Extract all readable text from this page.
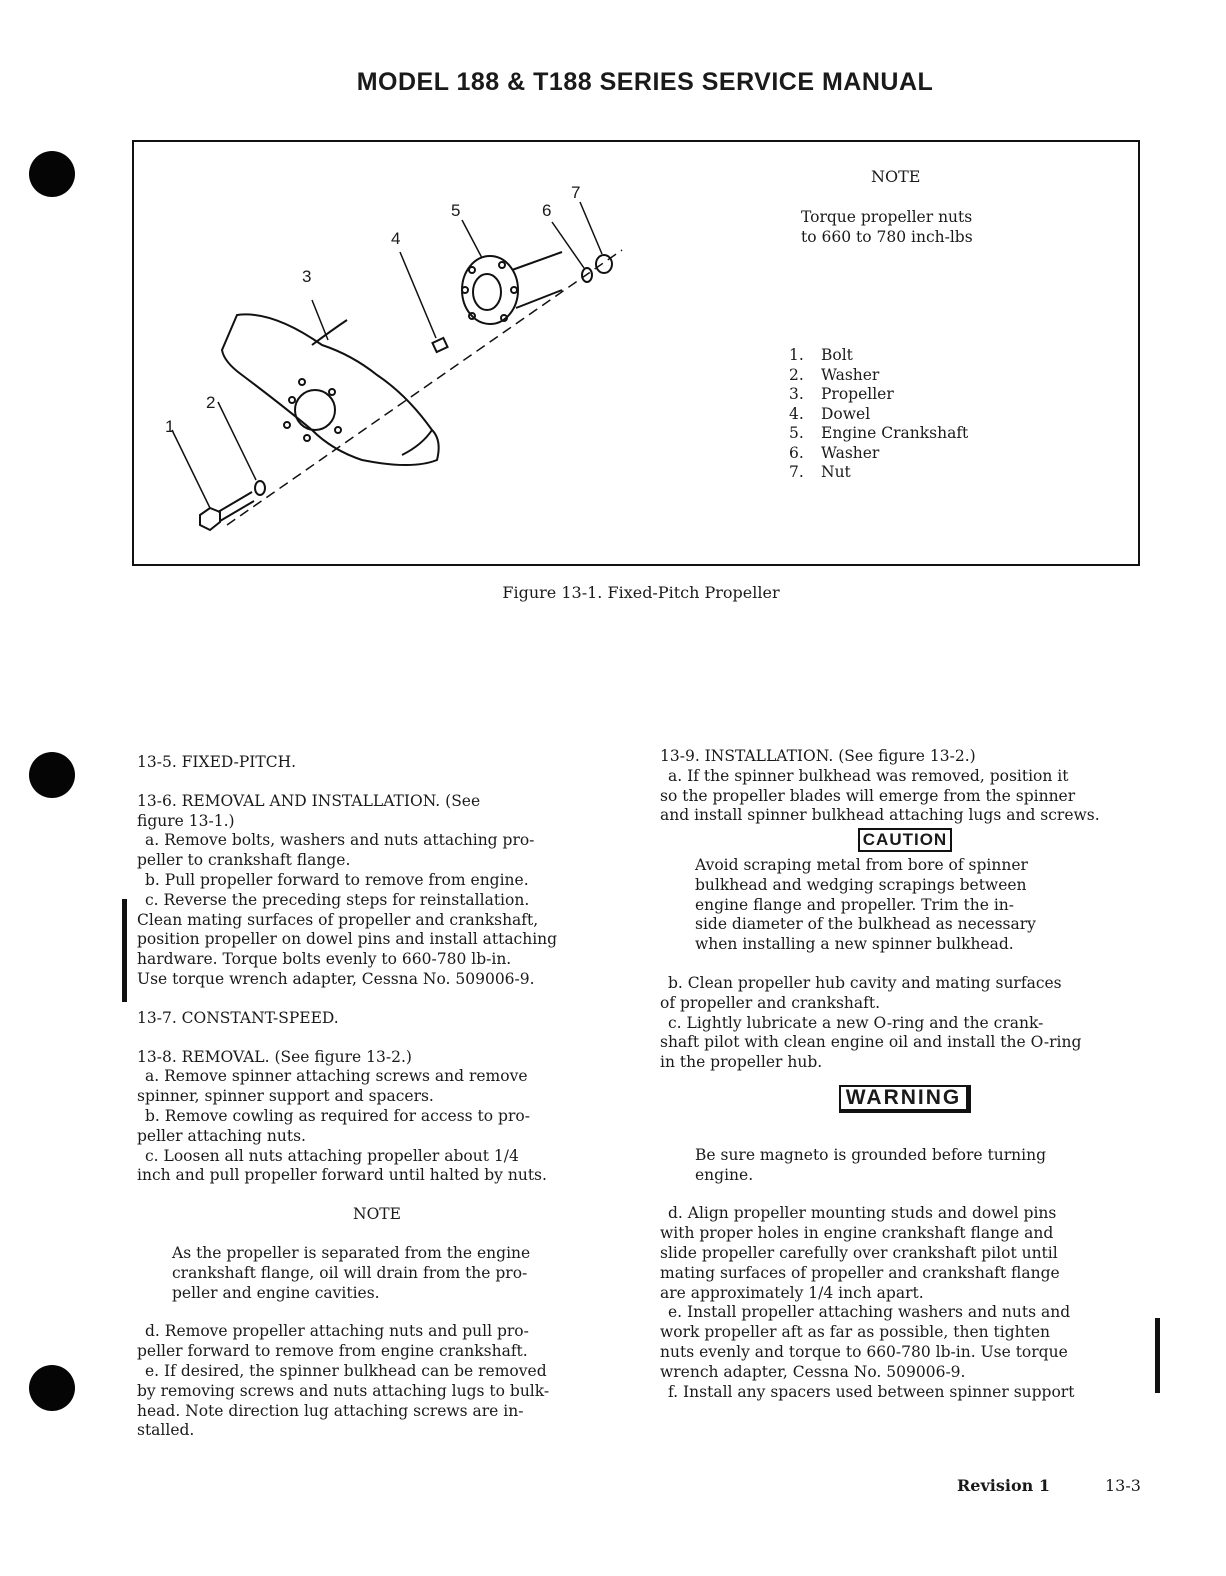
MODEL 188 & T188 SERIES SERVICE MANUAL
1
2
3
4
5	6
7
NOTE
Torque propeller nuts
to 660 to 780 inch-lbs
1. Bolt
2. Washer
3. Propeller
4. Dowel
5. Engine Crankshaft
6. Washer
7. Nut
Figure 13-1. Fixed-Pitch Propeller

13-5. FIXED-PITCH.

13-6. REMOVAL AND INSTALLATION. (See

figure 13-1.)

a. Remove bolts, washers and nuts attaching pro-

peller to crankshaft flange.

b. Pull propeller forward to remove from engine.

c. Reverse the preceding steps for reinstallation.

Clean mating surfaces of propeller and crankshaft,

position propeller on dowel pins and install attaching

hardware. Torque bolts evenly to 660-780 lb-in.

Use torque wrench adapter, Cessna No. 509006-9.

13-7. CONSTANT-SPEED.

13-8. REMOVAL. (See figure 13-2.)

a. Remove spinner attaching screws and remove

spinner, spinner support and spacers.

b. Remove cowling as required for access to pro-

peller attaching nuts.

c. Loosen all nuts attaching propeller about 1/4

inch and pull propeller forward until halted by nuts.

NOTE

As the propeller is separated from the engine

crankshaft flange, oil will drain from the pro-

peller and engine cavities.

d. Remove propeller attaching nuts and pull pro-

peller forward to remove from engine crankshaft.

e. If desired, the spinner bulkhead can be removed

by removing screws and nuts attaching lugs to bulk-

head. Note direction lug attaching screws are in-

stalled.

13-9. INSTALLATION. (See figure 13-2.)

a. If the spinner bulkhead was removed, position it

so the propeller blades will emerge from the spinner

and install spinner bulkhead attaching lugs and screws.

CAUTION

Avoid scraping metal from bore of spinner

bulkhead and wedging scrapings between

engine flange and propeller. Trim the in-

side diameter of the bulkhead as necessary

when installing a new spinner bulkhead.

b. Clean propeller hub cavity and mating surfaces

of propeller and crankshaft.

c. Lightly lubricate a new O-ring and the crank-

shaft pilot with clean engine oil and install the O-ring

in the propeller hub.

WARNING

Be sure magneto is grounded before turning

engine.

d. Align propeller mounting studs and dowel pins

with proper holes in engine crankshaft flange and

slide propeller carefully over crankshaft pilot until

mating surfaces of propeller and crankshaft flange

are approximately 1/4 inch apart.

e. Install propeller attaching washers and nuts and

work propeller aft as far as possible, then tighten

nuts evenly and torque to 660-780 lb-in. Use torque

wrench adapter, Cessna No. 509006-9.

f. Install any spacers used between spinner support

Revision 1	13-3
